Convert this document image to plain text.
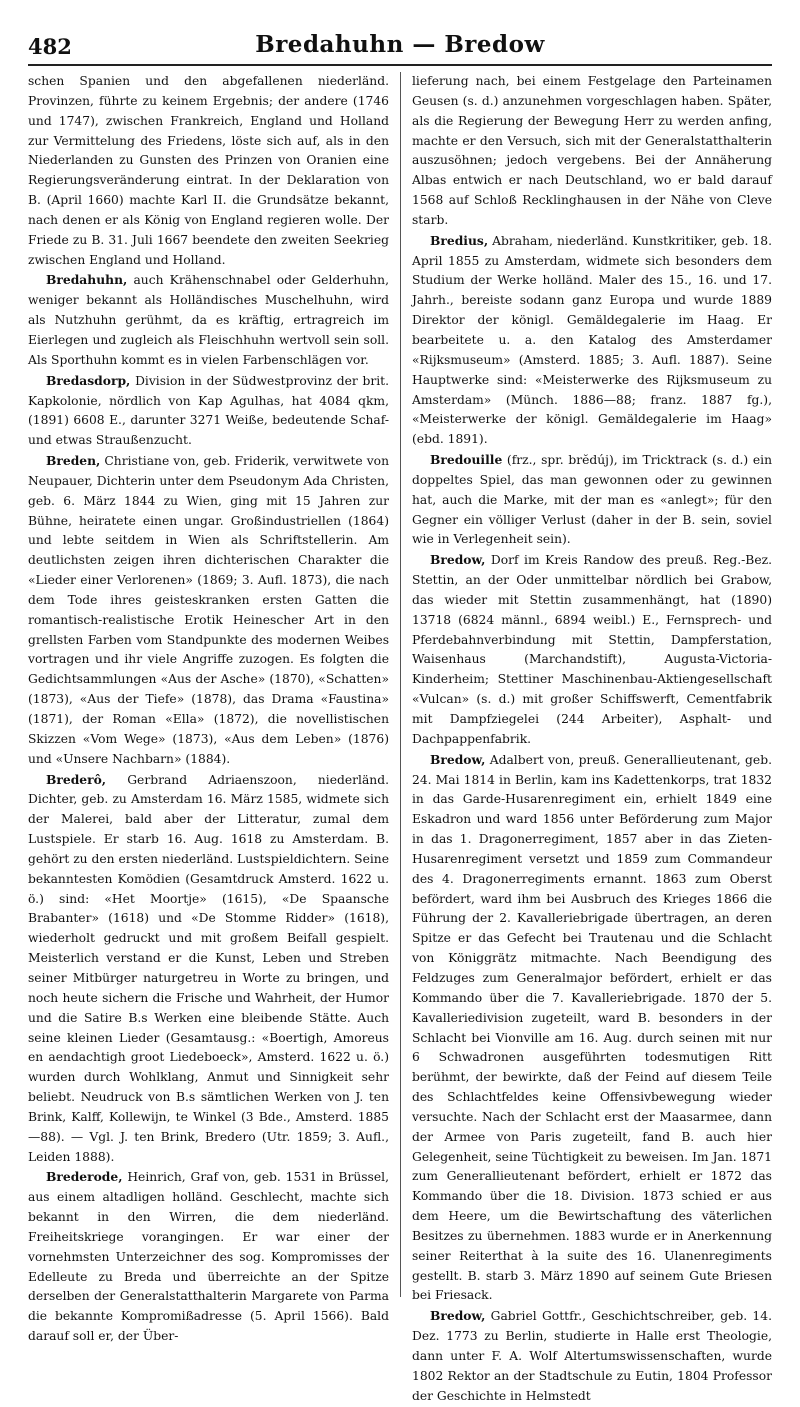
482	Bredahuhn — Bredow

schen Spanien und den abgefallenen niederländ. Provinzen, führte zu keinem Ergebnis; der andere (1746 und 1747), zwischen Frankreich, England und Holland zur Vermittelung des Friedens, löste sich auf, als in den Niederlanden zu Gunsten des Prinzen von Oranien eine Regierungsveränderung eintrat. In der Deklaration von B. (April 1660) machte Karl II. die Grundsätze bekannt, nach denen er als König von England regieren wolle. Der Friede zu B. 31. Juli 1667 beendete den zweiten Seekrieg zwischen England und Holland.

Bredahuhn, auch Krähenschnabel oder Gelderhuhn, weniger bekannt als Holländisches Muschelhuhn, wird als Nutzhuhn gerühmt, da es kräftig, ertragreich im Eierlegen und zugleich als Fleischhuhn wertvoll sein soll. Als Sporthuhn kommt es in vielen Farbenschlägen vor.

Bredasdorp, Division in der Südwestprovinz der brit. Kapkolonie, nördlich von Kap Agulhas, hat 4084 qkm, (1891) 6608 E., darunter 3271 Weiße, bedeutende Schaf- und etwas Straußenzucht.

Breden, Christiane von, geb. Friderik, verwitwete von Neupauer, Dichterin unter dem Pseudonym Ada Christen, geb. 6. März 1844 zu Wien, ging mit 15 Jahren zur Bühne, heiratete einen ungar. Großindustriellen (1864) und lebte seitdem in Wien als Schriftstellerin. Am deutlichsten zeigen ihren dichterischen Charakter die «Lieder einer Verlorenen» (1869; 3. Aufl. 1873), die nach dem Tode ihres geisteskranken ersten Gatten die romantisch-realistische Erotik Heinescher Art in den grellsten Farben vom Standpunkte des modernen Weibes vortragen und ihr viele Angriffe zuzogen. Es folgten die Gedichtsammlungen «Aus der Asche» (1870), «Schatten» (1873), «Aus der Tiefe» (1878), das Drama «Faustina» (1871), der Roman «Ella» (1872), die novellistischen Skizzen «Vom Wege» (1873), «Aus dem Leben» (1876) und «Unsere Nachbarn» (1884).

Brederô, Gerbrand Adriaenszoon, niederländ. Dichter, geb. zu Amsterdam 16. März 1585, widmete sich der Malerei, bald aber der Litteratur, zumal dem Lustspiele. Er starb 16. Aug. 1618 zu Amsterdam. B. gehört zu den ersten niederländ. Lustspieldichtern. Seine bekanntesten Komödien (Gesamtdruck Amsterd. 1622 u. ö.) sind: «Het Moortje» (1615), «De Spaansche Brabanter» (1618) und «De Stomme Ridder» (1618), wiederholt gedruckt und mit großem Beifall gespielt. Meisterlich verstand er die Kunst, Leben und Streben seiner Mitbürger naturgetreu in Worte zu bringen, und noch heute sichern die Frische und Wahrheit, der Humor und die Satire B.s Werken eine bleibende Stätte. Auch seine kleinen Lieder (Gesamtausg.: «Boertigh, Amoreus en aendachtigh groot Liedeboeck», Amsterd. 1622 u. ö.) wurden durch Wohlklang, Anmut und Sinnigkeit sehr beliebt. Neudruck von B.s sämtlichen Werken von J. ten Brink, Kalff, Kollewijn, te Winkel (3 Bde., Amsterd. 1885 —88). — Vgl. J. ten Brink, Bredero (Utr. 1859; 3. Aufl., Leiden 1888).

Brederode, Heinrich, Graf von, geb. 1531 in Brüssel, aus einem altadligen holländ. Geschlecht, machte sich bekannt in den Wirren, die dem niederländ. Freiheitskriege vorangingen. Er war einer der vornehmsten Unterzeichner des sog. Kompromisses der Edelleute zu Breda und überreichte an der Spitze derselben der Generalstatthalterin Margarete von Parma die bekannte Kompromißadresse (5. April 1566). Bald darauf soll er, der Über-

lieferung nach, bei einem Festgelage den Parteinamen Geusen (s. d.) anzunehmen vorgeschlagen haben. Später, als die Regierung der Bewegung Herr zu werden anfing, machte er den Versuch, sich mit der Generalstatthalterin auszusöhnen; jedoch vergebens. Bei der Annäherung Albas entwich er nach Deutschland, wo er bald darauf 1568 auf Schloß Recklinghausen in der Nähe von Cleve starb.

Bredius, Abraham, niederländ. Kunstkritiker, geb. 18. April 1855 zu Amsterdam, widmete sich besonders dem Studium der Werke holländ. Maler des 15., 16. und 17. Jahrh., bereiste sodann ganz Europa und wurde 1889 Direktor der königl. Gemäldegalerie im Haag. Er bearbeitete u. a. den Katalog des Amsterdamer «Rijksmuseum» (Amsterd. 1885; 3. Aufl. 1887). Seine Hauptwerke sind: «Meisterwerke des Rijksmuseum zu Amsterdam» (Münch. 1886—88; franz. 1887 fg.), «Meisterwerke der königl. Gemäldegalerie im Haag» (ebd. 1891).

Bredouille (frz., spr. brĕdúj), im Tricktrack (s. d.) ein doppeltes Spiel, das man gewonnen oder zu gewinnen hat, auch die Marke, mit der man es «anlegt»; für den Gegner ein völliger Verlust (daher in der B. sein, soviel wie in Verlegenheit sein).

Bredow, Dorf im Kreis Randow des preuß. Reg.-Bez. Stettin, an der Oder unmittelbar nördlich bei Grabow, das wieder mit Stettin zusammenhängt, hat (1890) 13718 (6824 männl., 6894 weibl.) E., Fernsprech- und Pferdebahnverbindung mit Stettin, Dampferstation, Waisenhaus (Marchandstift), Augusta-Victoria-Kinderheim; Stettiner Maschinenbau-Aktiengesellschaft «Vulcan» (s. d.) mit großer Schiffswerft, Cementfabrik mit Dampfziegelei (244 Arbeiter), Asphalt- und Dachpappenfabrik.

Bredow, Adalbert von, preuß. Generallieutenant, geb. 24. Mai 1814 in Berlin, kam ins Kadettenkorps, trat 1832 in das Garde-Husarenregiment ein, erhielt 1849 eine Eskadron und ward 1856 unter Beförderung zum Major in das 1. Dragonerregiment, 1857 aber in das Zieten-Husarenregiment versetzt und 1859 zum Commandeur des 4. Dragonerregiments ernannt. 1863 zum Oberst befördert, ward ihm bei Ausbruch des Krieges 1866 die Führung der 2. Kavalleriebrigade übertragen, an deren Spitze er das Gefecht bei Trautenau und die Schlacht von Königgrätz mitmachte. Nach Beendigung des Feldzuges zum Generalmajor befördert, erhielt er das Kommando über die 7. Kavalleriebrigade. 1870 der 5. Kavalleriedivision zugeteilt, ward B. besonders in der Schlacht bei Vionville am 16. Aug. durch seinen mit nur 6 Schwadronen ausgeführten todesmutigen Ritt berühmt, der bewirkte, daß der Feind auf diesem Teile des Schlachtfeldes keine Offensivbewegung wieder versuchte. Nach der Schlacht erst der Maasarmee, dann der Armee von Paris zugeteilt, fand B. auch hier Gelegenheit, seine Tüchtigkeit zu beweisen. Im Jan. 1871 zum Generallieutenant befördert, erhielt er 1872 das Kommando über die 18. Division. 1873 schied er aus dem Heere, um die Bewirtschaftung des väterlichen Besitzes zu übernehmen. 1883 wurde er in Anerkennung seiner Reiterthat à la suite des 16. Ulanenregiments gestellt. B. starb 3. März 1890 auf seinem Gute Briesen bei Friesack.

Bredow, Gabriel Gottfr., Geschichtschreiber, geb. 14. Dez. 1773 zu Berlin, studierte in Halle erst Theologie, dann unter F. A. Wolf Altertumswissenschaften, wurde 1802 Rektor an der Stadtschule zu Eutin, 1804 Professor der Geschichte in Helmstedt
